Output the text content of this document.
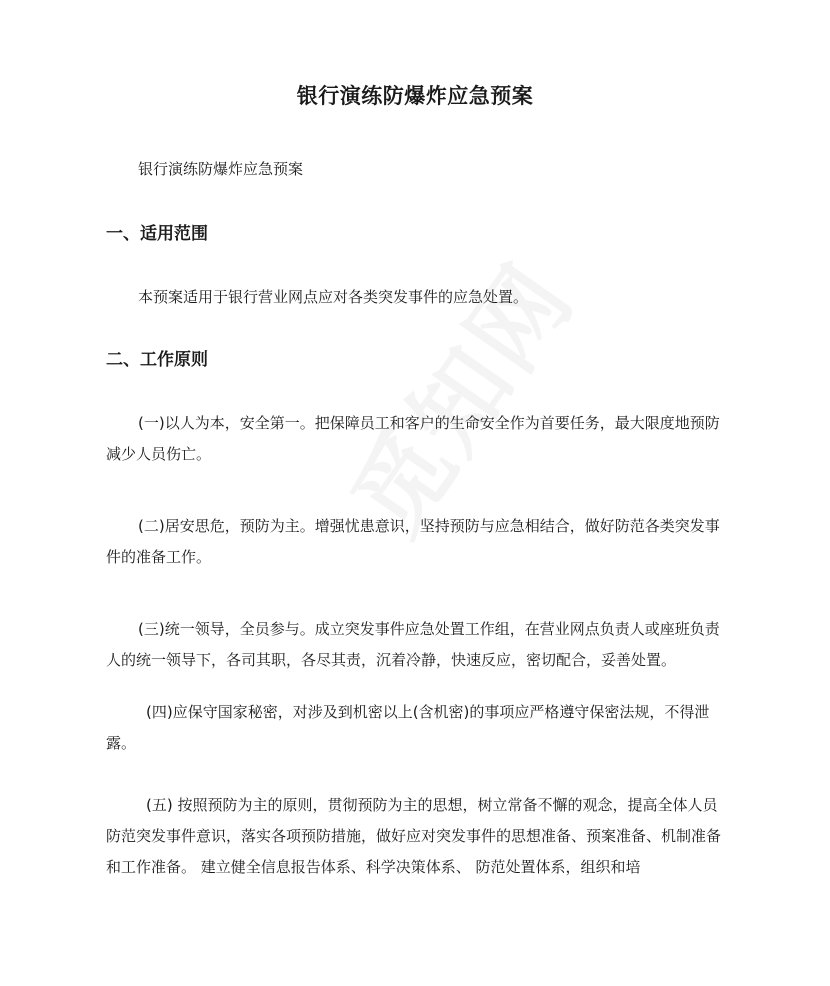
银行演练防爆炸应急预案
银行演练防爆炸应急预案
一、适用范围

本预案适用于银行营业网点应对各类突发事件的应急处置。

二、工作原则

(一)以人为本，安全第一。把保障员工和客户的生命安全作为首要任务，最大限度地预防减少人员伤亡。

(二)居安思危，预防为主。增强忧患意识，坚持预防与应急相结合，做好防范各类突发事件的准备工作。

(三)统一领导，全员参与。成立突发事件应急处置工作组，在营业网点负责人或座班负责人的统一领导下，各司其职，各尽其责，沉着冷静，快速反应，密切配合，妥善处置。

(四)应保守国家秘密，对涉及到机密以上(含机密)的事项应严格遵守保密法规，不得泄露。

(五) 按照预防为主的原则，贯彻预防为主的思想，树立常备不懈的观念，提高全体人员防范突发事件意识，落实各项预防措施，做好应对突发事件的思想准备、预案准备、机制准备和工作准备。 建立健全信息报告体系、科学决策体系、 防范处置体系，组织和培
